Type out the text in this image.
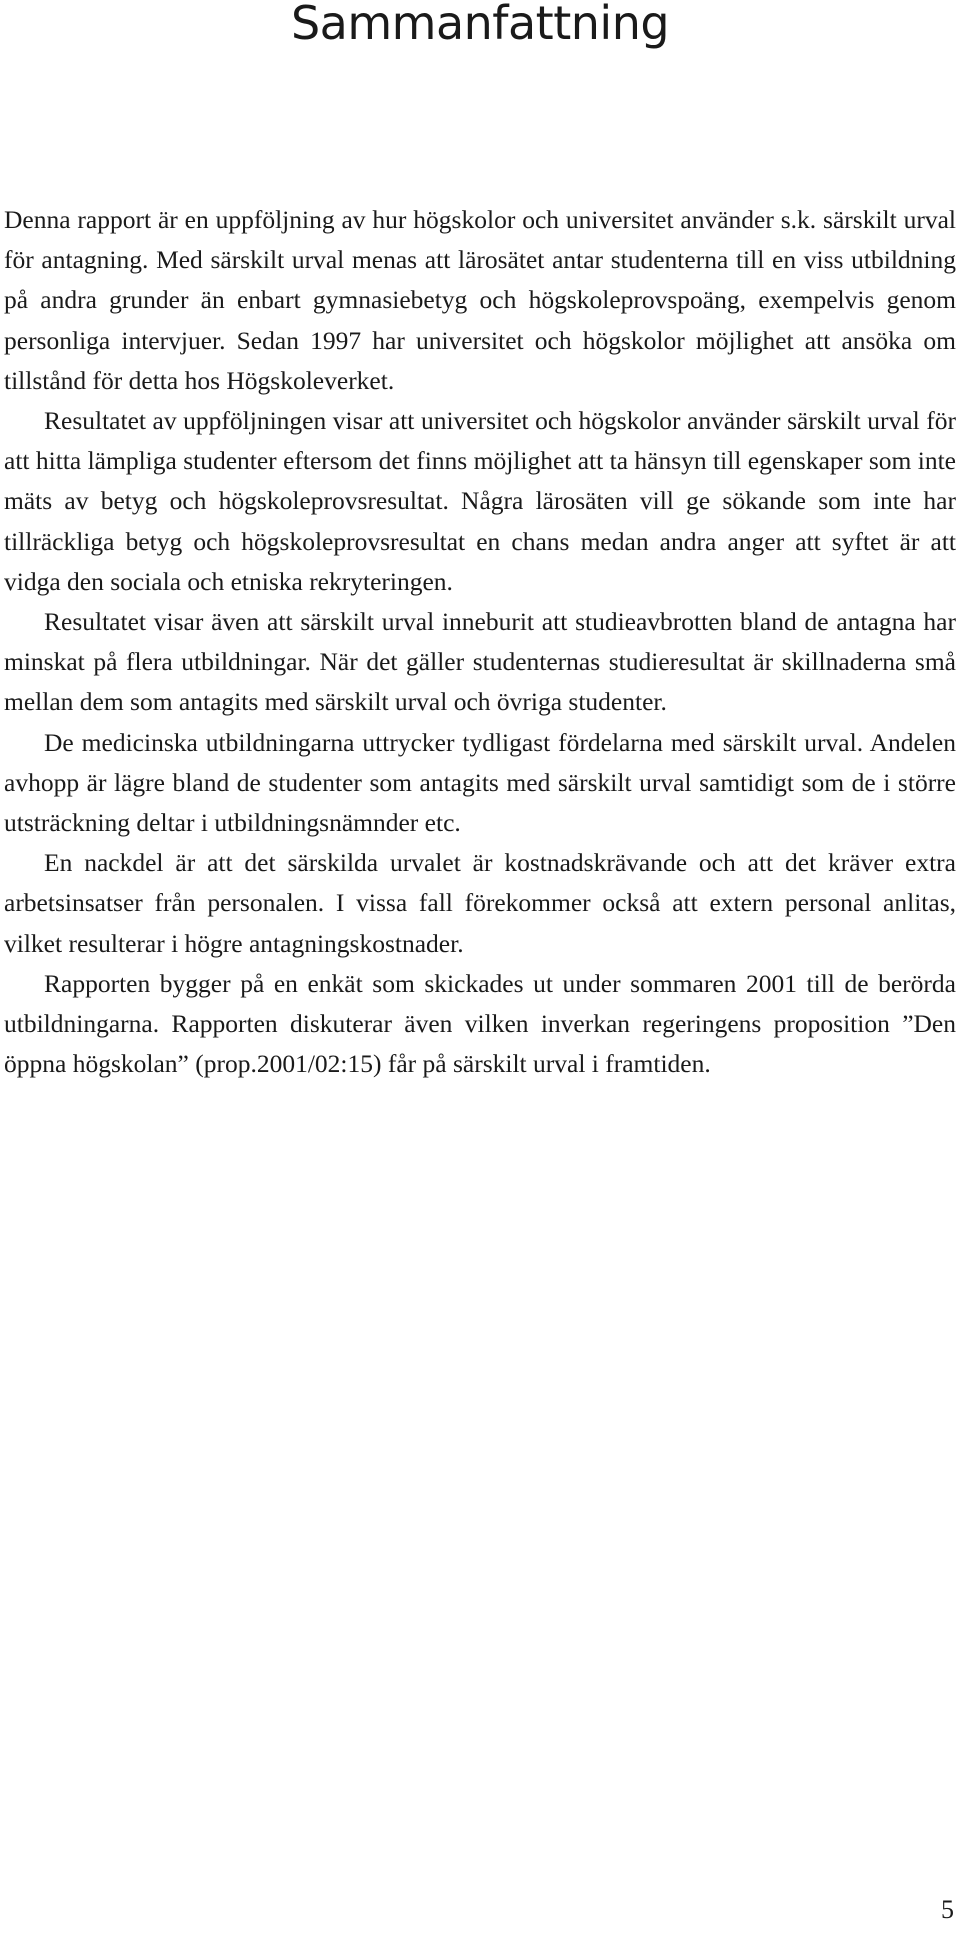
Sammanfattning

Denna rapport är en uppföljning av hur högskolor och universitet använder s.k. särskilt urval för antagning. Med särskilt urval menas att lärosätet antar studenterna till en viss utbildning på andra grunder än enbart gymnasiebetyg och högskoleprovspoäng, exempelvis genom personliga intervjuer. Sedan 1997 har universitet och högskolor möjlighet att ansöka om tillstånd för detta hos Högskoleverket.

Resultatet av uppföljningen visar att universitet och högskolor använder särskilt urval för att hitta lämpliga studenter eftersom det finns möjlighet att ta hänsyn till egenskaper som inte mäts av betyg och högskoleprovsresultat. Några lärosäten vill ge sökande som inte har tillräckliga betyg och högskoleprovsresultat en chans medan andra anger att syftet är att vidga den sociala och etniska rekryteringen.

Resultatet visar även att särskilt urval inneburit att studieavbrotten bland de antagna har minskat på flera utbildningar. När det gäller studenternas studieresultat är skillnaderna små mellan dem som antagits med särskilt urval och övriga studenter.

De medicinska utbildningarna uttrycker tydligast fördelarna med särskilt urval. Andelen avhopp är lägre bland de studenter som antagits med särskilt urval samtidigt som de i större utsträckning deltar i utbildningsnämnder etc.

En nackdel är att det särskilda urvalet är kostnadskrävande och att det kräver extra arbetsinsatser från personalen. I vissa fall förekommer också att extern personal anlitas, vilket resulterar i högre antagningskostnader.

Rapporten bygger på en enkät som skickades ut under sommaren 2001 till de berörda utbildningarna. Rapporten diskuterar även vilken inverkan regeringens proposition ”Den öppna högskolan” (prop.2001/02:15) får på särskilt urval i framtiden.

5
